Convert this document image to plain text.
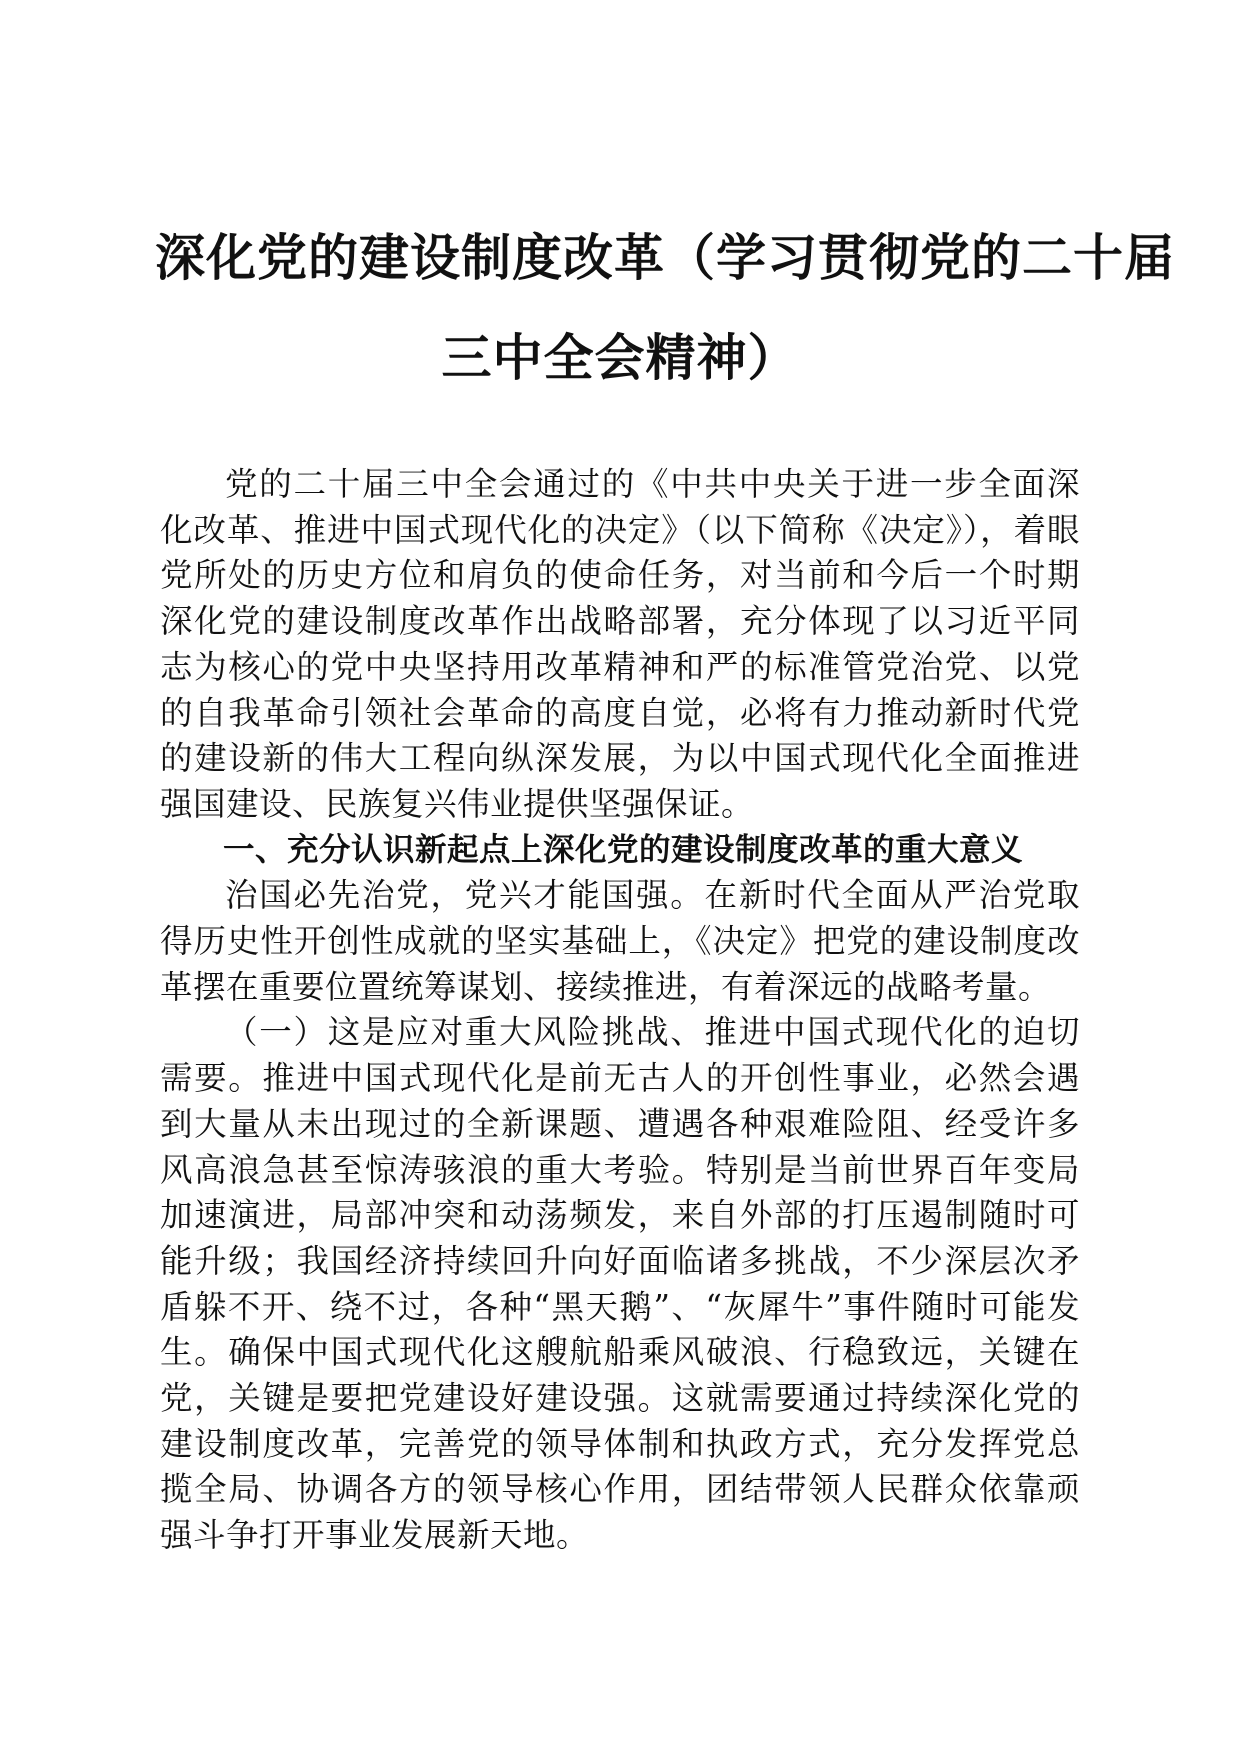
深化党的建设制度改革（学习贯彻党的二十届
三中全会精神）

党的二十届三中全会通过的《中共中央关于进一步全面深化改革、推进中国式现代化的决定》（以下简称《决定》），着眼党所处的历史方位和肩负的使命任务，对当前和今后一个时期深化党的建设制度改革作出战略部署，充分体现了以习近平同志为核心的党中央坚持用改革精神和严的标准管党治党、以党的自我革命引领社会革命的高度自觉，必将有力推动新时代党的建设新的伟大工程向纵深发展，为以中国式现代化全面推进强国建设、民族复兴伟业提供坚强保证。

一、充分认识新起点上深化党的建设制度改革的重大意义

治国必先治党，党兴才能国强。在新时代全面从严治党取得历史性开创性成就的坚实基础上，《决定》把党的建设制度改革摆在重要位置统筹谋划、接续推进，有着深远的战略考量。

（一）这是应对重大风险挑战、推进中国式现代化的迫切需要。推进中国式现代化是前无古人的开创性事业，必然会遇到大量从未出现过的全新课题、遭遇各种艰难险阻、经受许多风高浪急甚至惊涛骇浪的重大考验。特别是当前世界百年变局加速演进，局部冲突和动荡频发，来自外部的打压遏制随时可能升级；我国经济持续回升向好面临诸多挑战，不少深层次矛盾躲不开、绕不过，各种“黑天鹅”、“灰犀牛”事件随时可能发生。确保中国式现代化这艘航船乘风破浪、行稳致远，关键在党，关键是要把党建设好建设强。这就需要通过持续深化党的建设制度改革，完善党的领导体制和执政方式，充分发挥党总揽全局、协调各方的领导核心作用，团结带领人民群众依靠顽强斗争打开事业发展新天地。
